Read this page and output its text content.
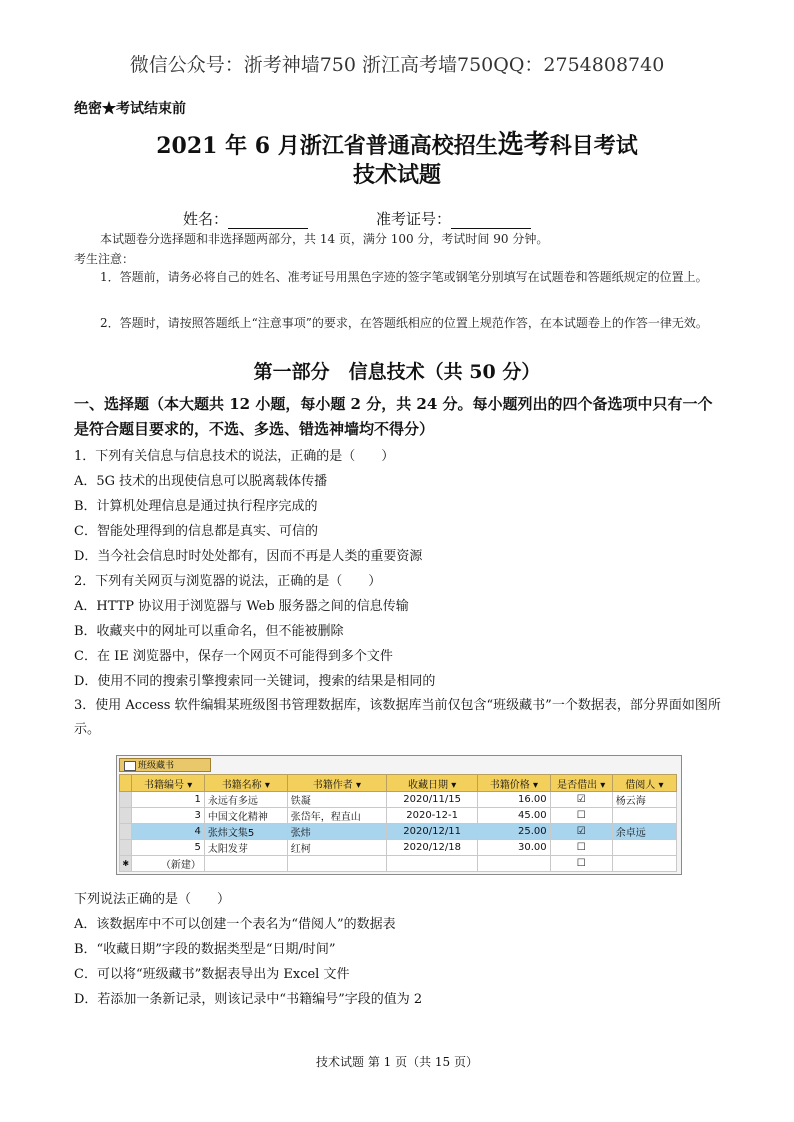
微信公众号：浙考神墙750 浙江高考墙750QQ：2754808740
绝密★考试结束前
2021 年 6 月浙江省普通高校招生选考科目考试
技术试题
姓名：	准考证号：
本试题卷分选择题和非选择题两部分，共 14 页，满分 100 分，考试时间 90 分钟。
考生注意：
1．答题前，请务必将自己的姓名、准考证号用黑色字迹的签字笔或钢笔分别填写在试题卷和答题纸规定的位置上。
2．答题时，请按照答题纸上“注意事项”的要求，在答题纸相应的位置上规范作答，在本试题卷上的作答一律无效。
第一部分　信息技术（共 50 分）
一、选择题（本大题共 12 小题，每小题 2 分，共 24 分。每小题列出的四个备选项中只有一个是符合题目要求的，不选、多选、错选神墙均不得分）
1．下列有关信息与信息技术的说法，正确的是（　　）
A．5G 技术的出现使信息可以脱离载体传播
B．计算机处理信息是通过执行程序完成的
C．智能处理得到的信息都是真实、可信的
D．当今社会信息时时处处都有，因而不再是人类的重要资源
2．下列有关网页与浏览器的说法，正确的是（　　）
A．HTTP 协议用于浏览器与 Web 服务器之间的信息传输
B．收藏夹中的网址可以重命名，但不能被删除
C．在 IE 浏览器中，保存一个网页不可能得到多个文件
D．使用不同的搜索引擎搜索同一关键词，搜索的结果是相同的
3．使用 Access 软件编辑某班级图书管理数据库，该数据库当前仅包含“班级藏书”一个数据表，部分界面如图所示。
班级藏书
	书籍编号 ▾	书籍名称 ▾	书籍作者 ▾	收藏日期 ▾	书籍价格 ▾	是否借出 ▾	借阅人 ▾
	1	永远有多远	铁凝	2020/11/15	16.00	☑	杨云海
	3	中国文化精神	张岱年，程直山	2020-12-1	45.00	☐	
	4	张炜文集5	张炜	2020/12/11	25.00	☑	余卓远
	5	太阳发芽	红柯	2020/12/18	30.00	☐	
✱	（新建）					☐	
下列说法正确的是（　　）
A．该数据库中不可以创建一个表名为“借阅人”的数据表
B．“收藏日期”字段的数据类型是“日期/时间”
C．可以将“班级藏书”数据表导出为 Excel 文件
D．若添加一条新记录，则该记录中“书籍编号”字段的值为 2
技术试题 第 1 页（共 15 页）
